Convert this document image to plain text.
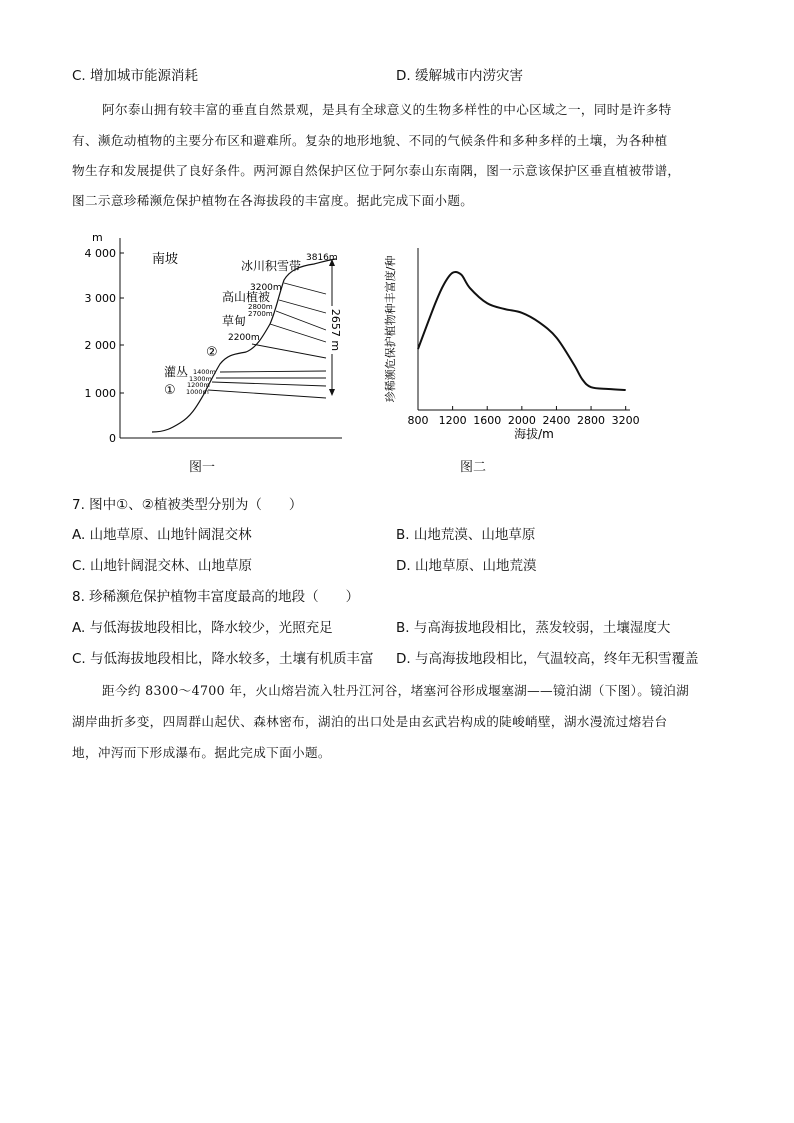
C. 增加城市能源消耗	D. 缓解城市内涝灾害
阿尔泰山拥有较丰富的垂直自然景观，是具有全球意义的生物多样性的中心区域之一，同时是许多特
有、濒危动植物的主要分布区和避难所。复杂的地形地貌、不同的气候条件和多种多样的土壤，为各种植
物生存和发展提供了良好条件。两河源自然保护区位于阿尔泰山东南隅，图一示意该保护区垂直植被带谱，
图二示意珍稀濒危保护植物在各海拔段的丰富度。据此完成下面小题。
m
4 000
3 000
2 000
1 000
0
南坡
2657 m
冰川积雪带
3816m
3200m
高山植被
2800m
2700m
草甸
2200m
②
灌丛 1400m
1300m
1200m
① 1000m
图一
800 1200 1600 2000 2400 2800 3200
珍稀濒危保护植物种丰富度/种
海拔/m
图二
7. 图中①、②植被类型分别为（　　）
A. 山地草原、山地针阔混交林	B. 山地荒漠、山地草原
C. 山地针阔混交林、山地草原	D. 山地草原、山地荒漠
8. 珍稀濒危保护植物丰富度最高的地段（　　）
A. 与低海拔地段相比，降水较少，光照充足	B. 与高海拔地段相比，蒸发较弱，土壤湿度大
C. 与低海拔地段相比，降水较多，土壤有机质丰富 D. 与高海拔地段相比，气温较高，终年无积雪覆盖
距今约 8300～4700 年，火山熔岩流入牡丹江河谷，堵塞河谷形成堰塞湖——镜泊湖（下图）。镜泊湖
湖岸曲折多变，四周群山起伏、森林密布，湖泊的出口处是由玄武岩构成的陡峻峭壁，湖水漫流过熔岩台
地，冲泻而下形成瀑布。据此完成下面小题。
